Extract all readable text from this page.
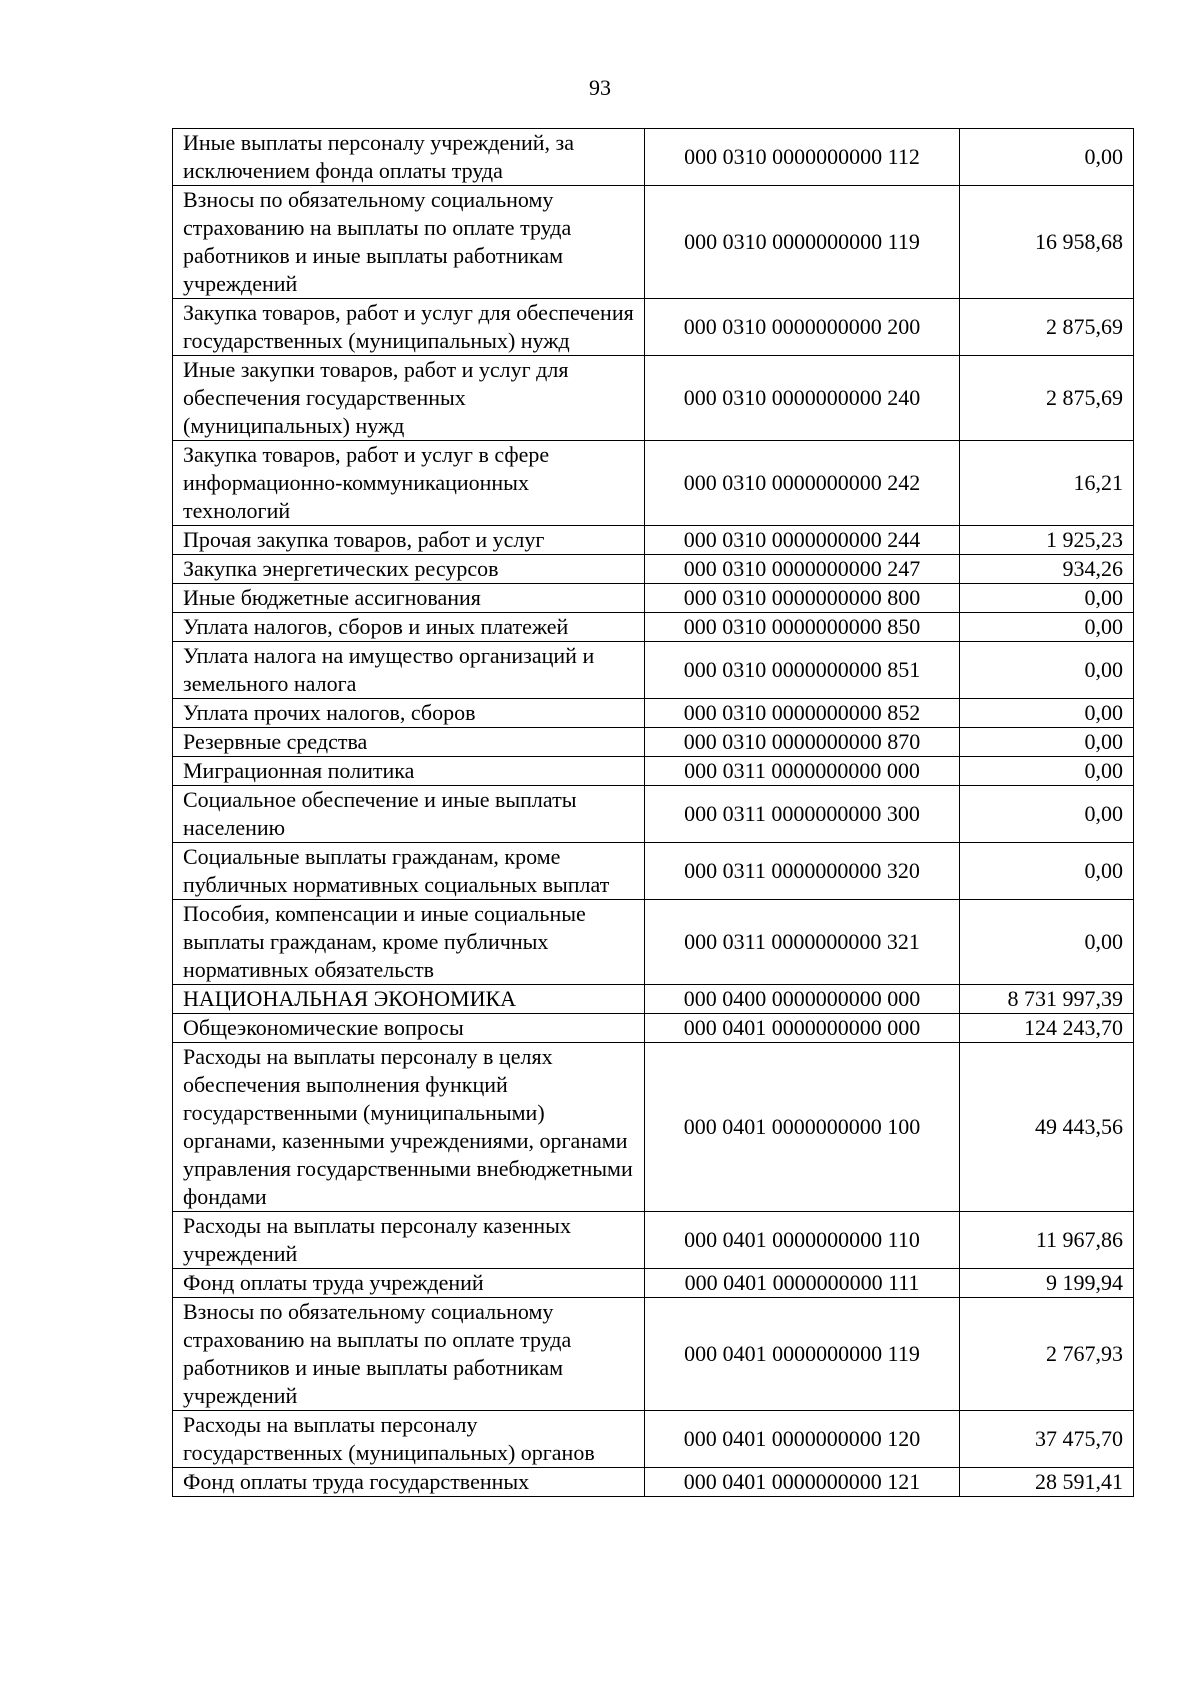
93
Иные выплаты персоналу учреждений, за исключением фонда оплаты труда	000 0310 0000000000 112	0,00
Взносы по обязательному социальному страхованию на выплаты по оплате труда работников и иные выплаты работникам учреждений	000 0310 0000000000 119	16 958,68
Закупка товаров, работ и услуг для обеспечения государственных (муниципальных) нужд	000 0310 0000000000 200	2 875,69
Иные закупки товаров, работ и услуг для обеспечения государственных (муниципальных) нужд	000 0310 0000000000 240	2 875,69
Закупка товаров, работ и услуг в сфере информационно-коммуникационных технологий	000 0310 0000000000 242	16,21
Прочая закупка товаров, работ и услуг	000 0310 0000000000 244	1 925,23
Закупка энергетических ресурсов	000 0310 0000000000 247	934,26
Иные бюджетные ассигнования	000 0310 0000000000 800	0,00
Уплата налогов, сборов и иных платежей	000 0310 0000000000 850	0,00
Уплата налога на имущество организаций и земельного налога	000 0310 0000000000 851	0,00
Уплата прочих налогов, сборов	000 0310 0000000000 852	0,00
Резервные средства	000 0310 0000000000 870	0,00
Миграционная политика	000 0311 0000000000 000	0,00
Социальное обеспечение и иные выплаты населению	000 0311 0000000000 300	0,00
Социальные выплаты гражданам, кроме публичных нормативных социальных выплат	000 0311 0000000000 320	0,00
Пособия, компенсации и иные социальные выплаты гражданам, кроме публичных нормативных обязательств	000 0311 0000000000 321	0,00
НАЦИОНАЛЬНАЯ ЭКОНОМИКА	000 0400 0000000000 000	8 731 997,39
Общеэкономические вопросы	000 0401 0000000000 000	124 243,70
Расходы на выплаты персоналу в целях обеспечения выполнения функций государственными (муниципальными) органами, казенными учреждениями, органами управления государственными внебюджетными фондами	000 0401 0000000000 100	49 443,56
Расходы на выплаты персоналу казенных учреждений	000 0401 0000000000 110	11 967,86
Фонд оплаты труда учреждений	000 0401 0000000000 111	9 199,94
Взносы по обязательному социальному страхованию на выплаты по оплате труда работников и иные выплаты работникам учреждений	000 0401 0000000000 119	2 767,93
Расходы на выплаты персоналу государственных (муниципальных) органов	000 0401 0000000000 120	37 475,70
Фонд оплаты труда государственных	000 0401 0000000000 121	28 591,41
